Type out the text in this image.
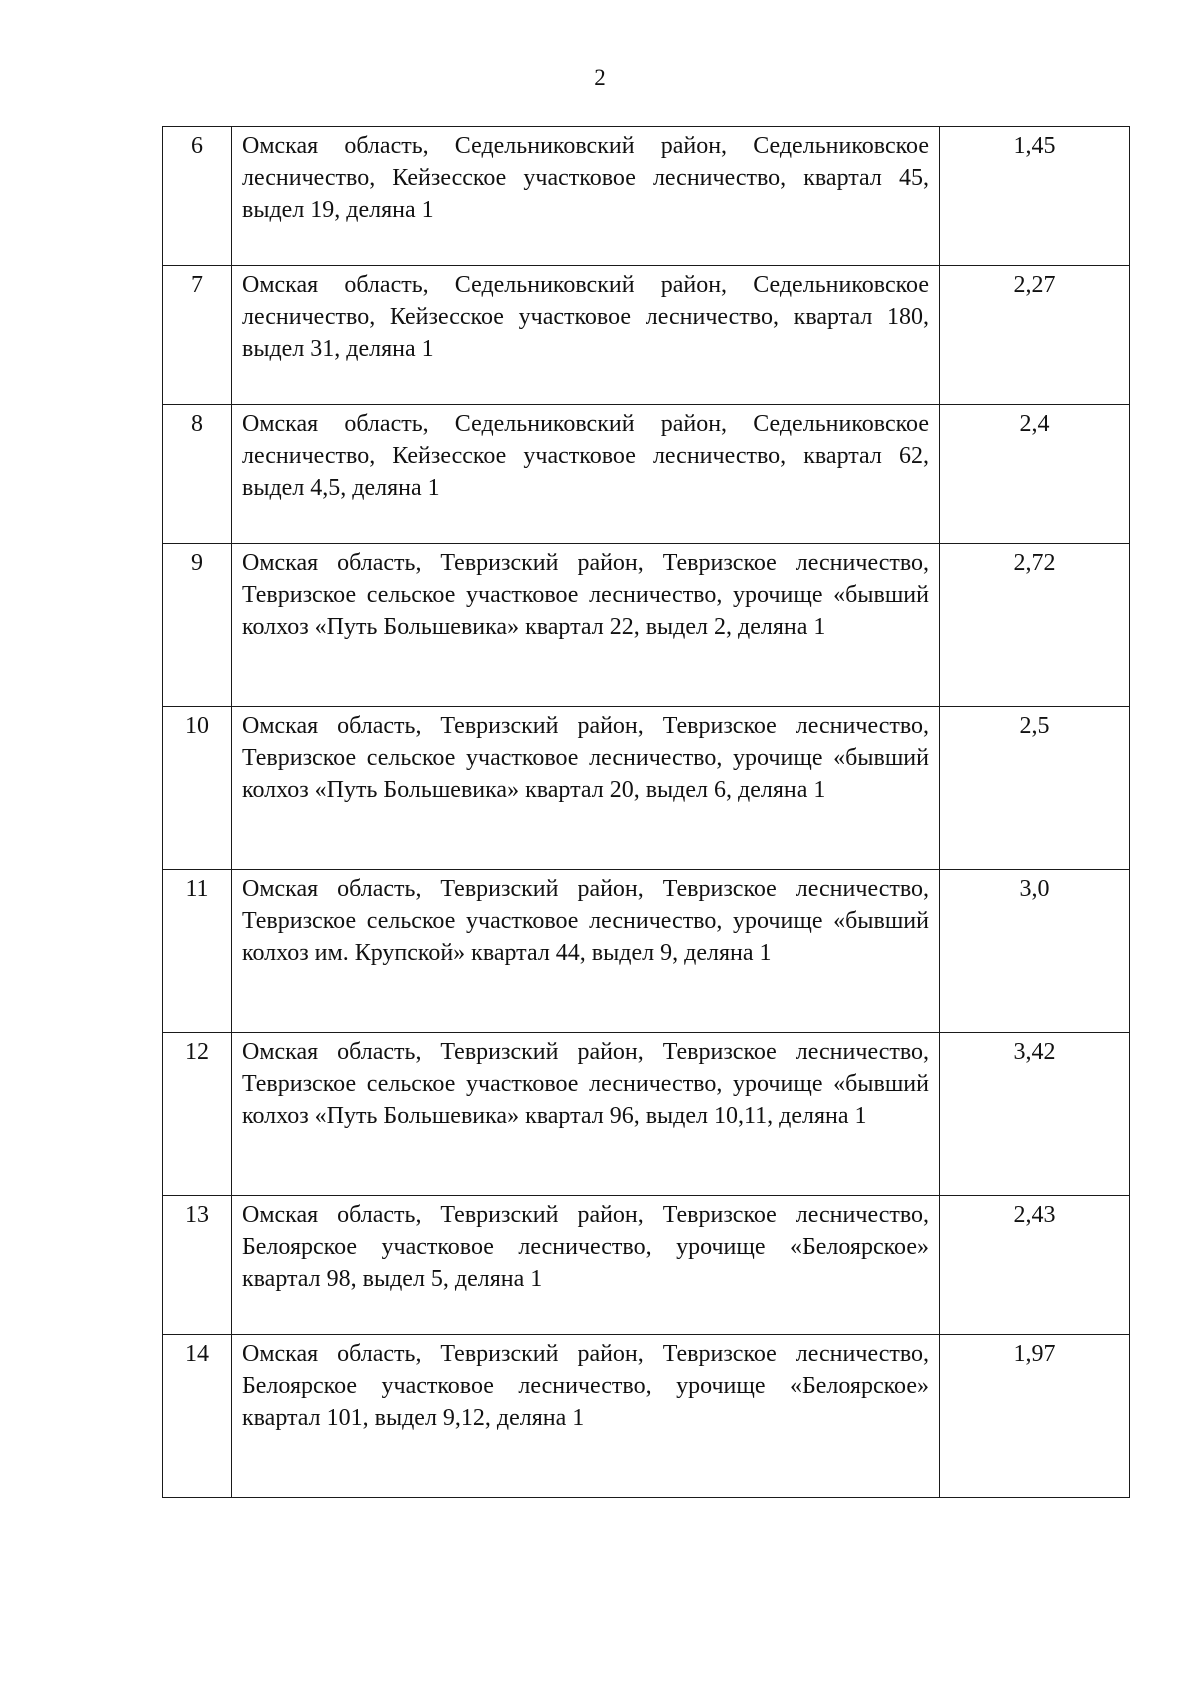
2
6	Омская область, Седельниковский район, Седельниковское лесничество, Кейзесское участковое лесничество, квартал 45, выдел 19, деляна 1	1,45
7	Омская область, Седельниковский район, Седельниковское лесничество, Кейзесское участковое лесничество, квартал 180, выдел 31, деляна 1	2,27
8	Омская область, Седельниковский район, Седельниковское лесничество, Кейзесское участковое лесничество, квартал 62, выдел 4,5, деляна 1	2,4
9	Омская область, Тевризский район, Тевризское лесничество, Тевризское сельское участковое лесничество, урочище «бывший колхоз «Путь Большевика» квартал 22, выдел 2, деляна 1	2,72
10	Омская область, Тевризский район, Тевризское лесничество, Тевризское сельское участковое лесничество, урочище «бывший колхоз «Путь Большевика» квартал 20, выдел 6, деляна 1	2,5
11	Омская область, Тевризский район, Тевризское лесничество, Тевризское сельское участковое лесничество, урочище «бывший колхоз им. Крупской» квартал 44, выдел 9, деляна 1	3,0
12	Омская область, Тевризский район, Тевризское лесничество, Тевризское сельское участковое лесничество, урочище «бывший колхоз «Путь Большевика» квартал 96, выдел 10,11, деляна 1	3,42
13	Омская область, Тевризский район, Тевризское лесничество, Белоярское участковое лесничество, урочище «Белоярское» квартал 98, выдел 5, деляна 1	2,43
14	Омская область, Тевризский район, Тевризское лесничество, Белоярское участковое лесничество, урочище «Белоярское» квартал 101, выдел 9,12, деляна 1	1,97
